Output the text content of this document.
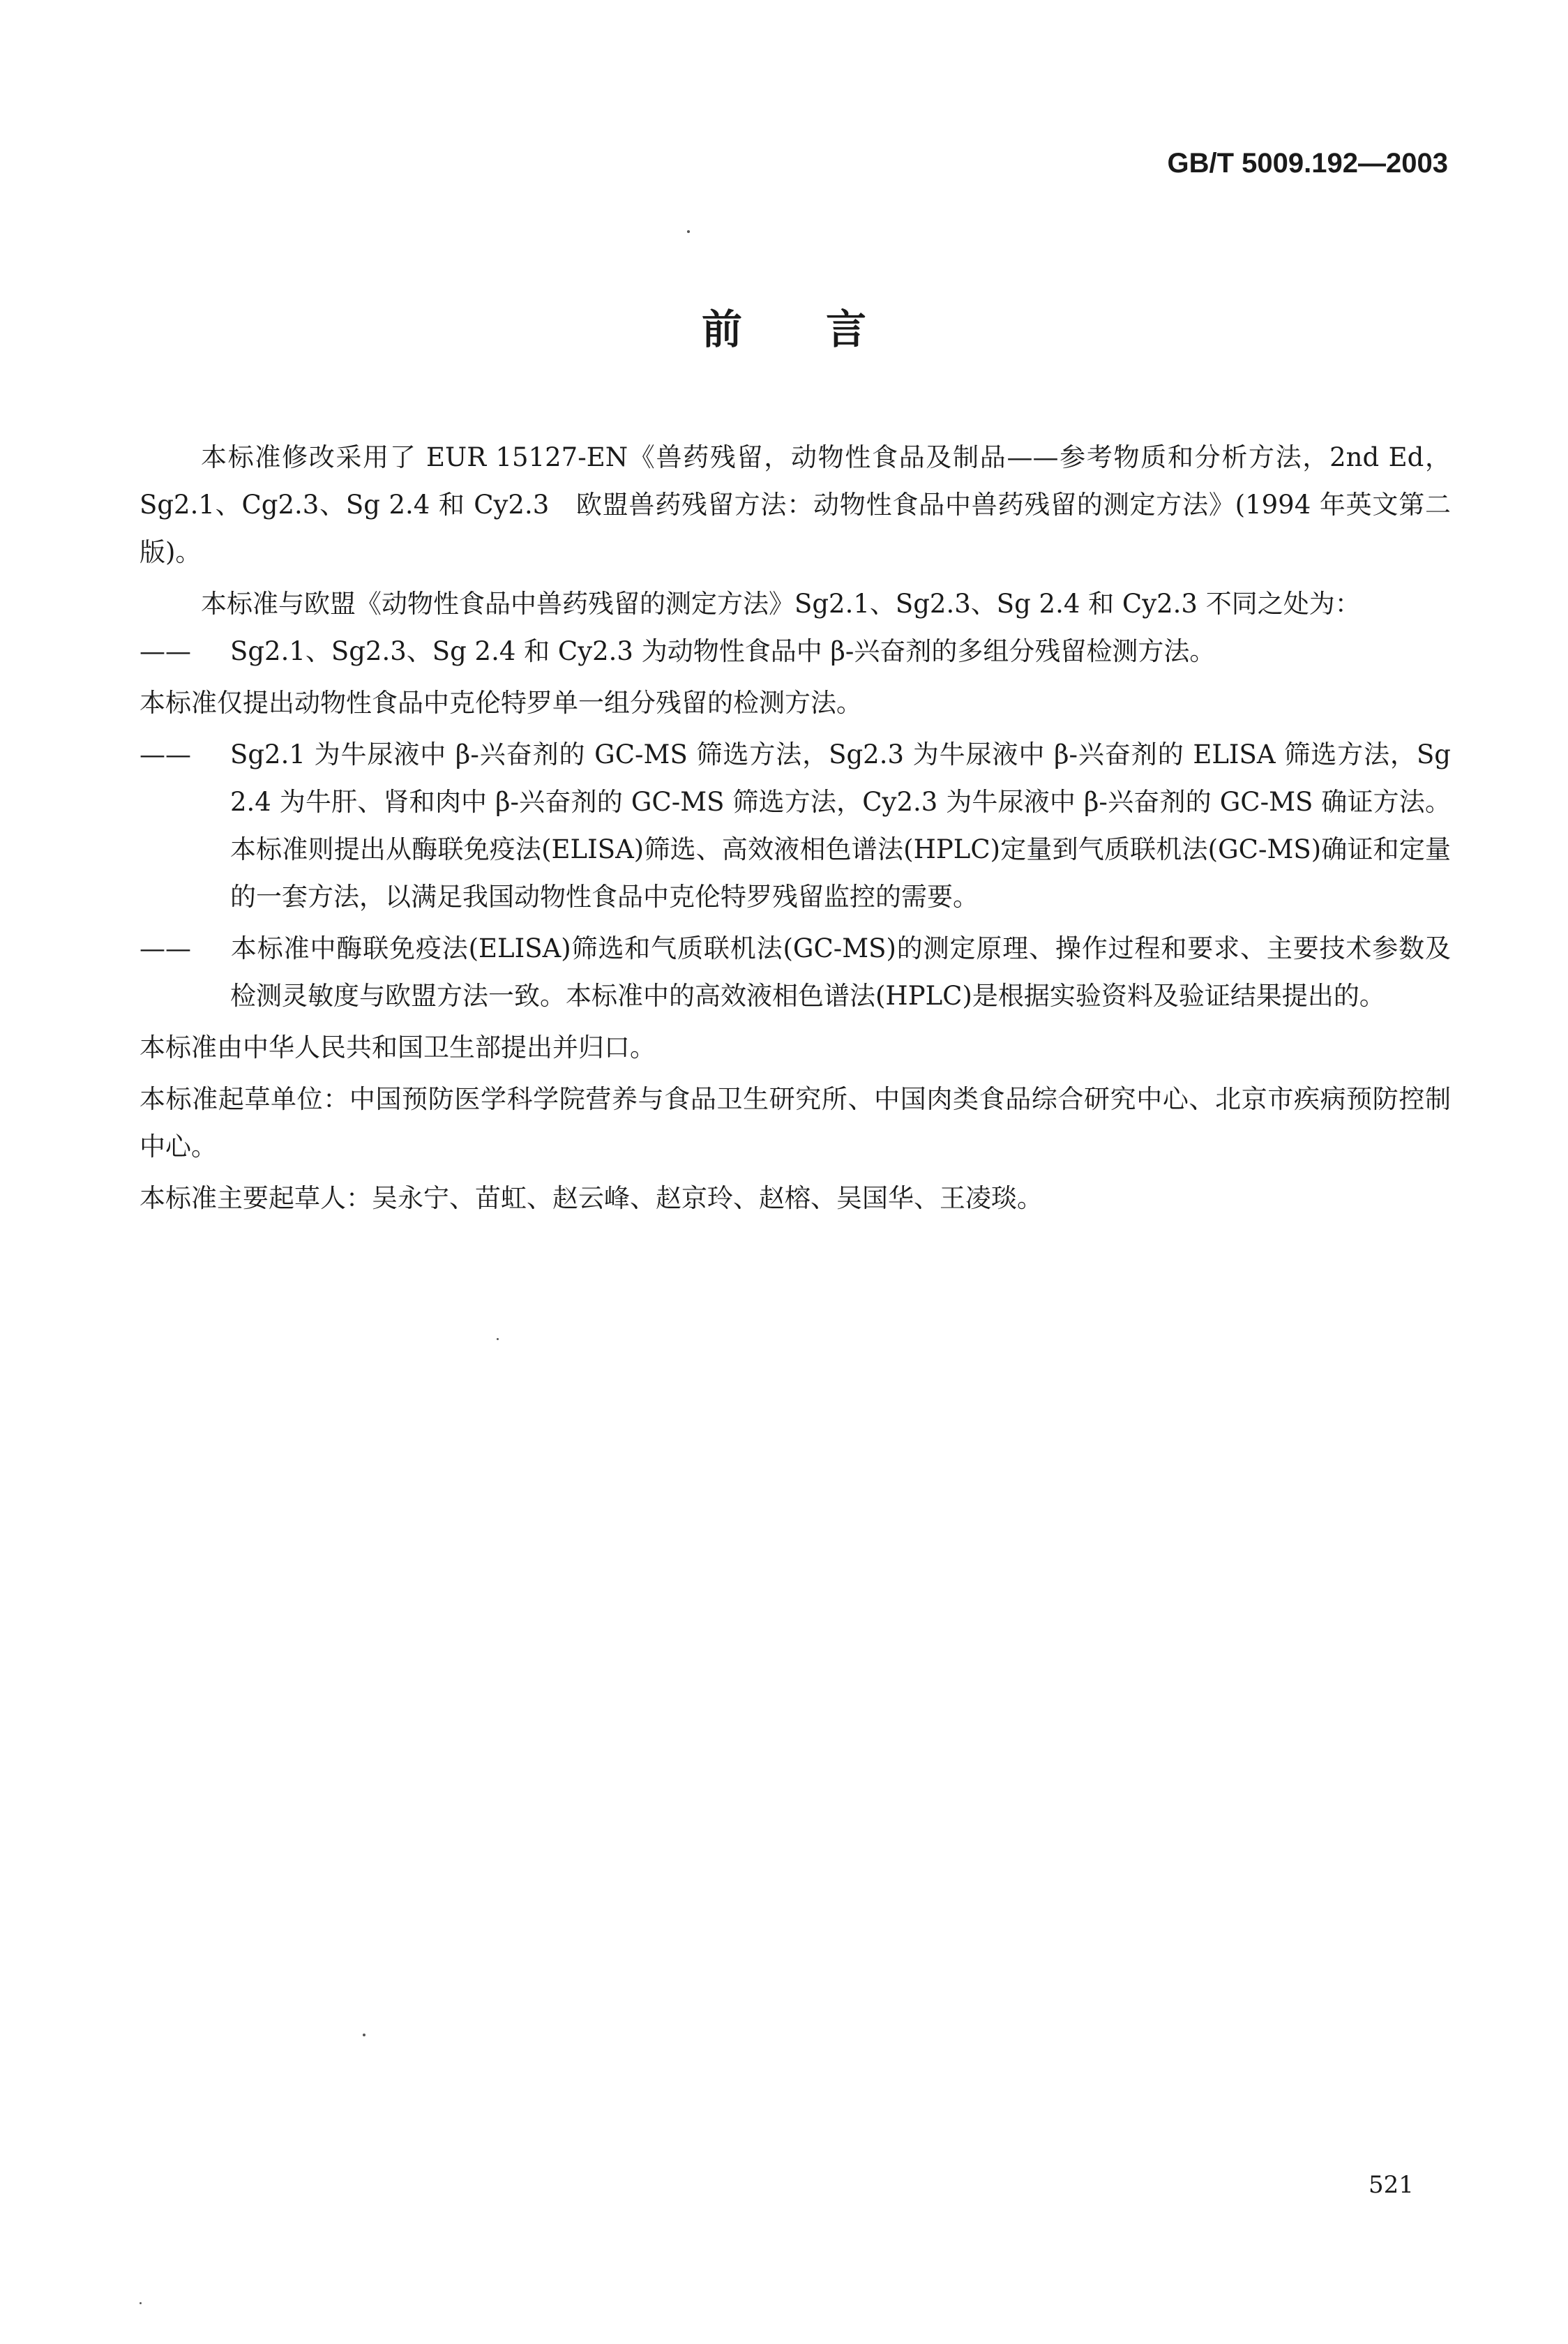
GB/T 5009.192—2003
前言

本标准修改采用了 EUR 15127-EN《兽药残留，动物性食品及制品——参考物质和分析方法，2nd Ed，Sg2.1、Cg2.3、Sg 2.4 和 Cy2.3　欧盟兽药残留方法：动物性食品中兽药残留的测定方法》(1994 年英文第二版)。

本标准与欧盟《动物性食品中兽药残留的测定方法》Sg2.1、Sg2.3、Sg 2.4 和 Cy2.3 不同之处为：

—— Sg2.1、Sg2.3、Sg 2.4 和 Cy2.3 为动物性食品中 β-兴奋剂的多组分残留检测方法。

本标准仅提出动物性食品中克伦特罗单一组分残留的检测方法。

—— Sg2.1 为牛尿液中 β-兴奋剂的 GC-MS 筛选方法，Sg2.3 为牛尿液中 β-兴奋剂的 ELISA 筛选方法，Sg 2.4 为牛肝、肾和肉中 β-兴奋剂的 GC-MS 筛选方法，Cy2.3 为牛尿液中 β-兴奋剂的 GC-MS 确证方法。本标准则提出从酶联免疫法(ELISA)筛选、高效液相色谱法(HPLC)定量到气质联机法(GC-MS)确证和定量的一套方法，以满足我国动物性食品中克伦特罗残留监控的需要。

—— 本标准中酶联免疫法(ELISA)筛选和气质联机法(GC-MS)的测定原理、操作过程和要求、主要技术参数及检测灵敏度与欧盟方法一致。本标准中的高效液相色谱法(HPLC)是根据实验资料及验证结果提出的。

本标准由中华人民共和国卫生部提出并归口。

本标准起草单位：中国预防医学科学院营养与食品卫生研究所、中国肉类食品综合研究中心、北京市疾病预防控制中心。

本标准主要起草人：吴永宁、苗虹、赵云峰、赵京玲、赵榕、吴国华、王凌琰。

521
